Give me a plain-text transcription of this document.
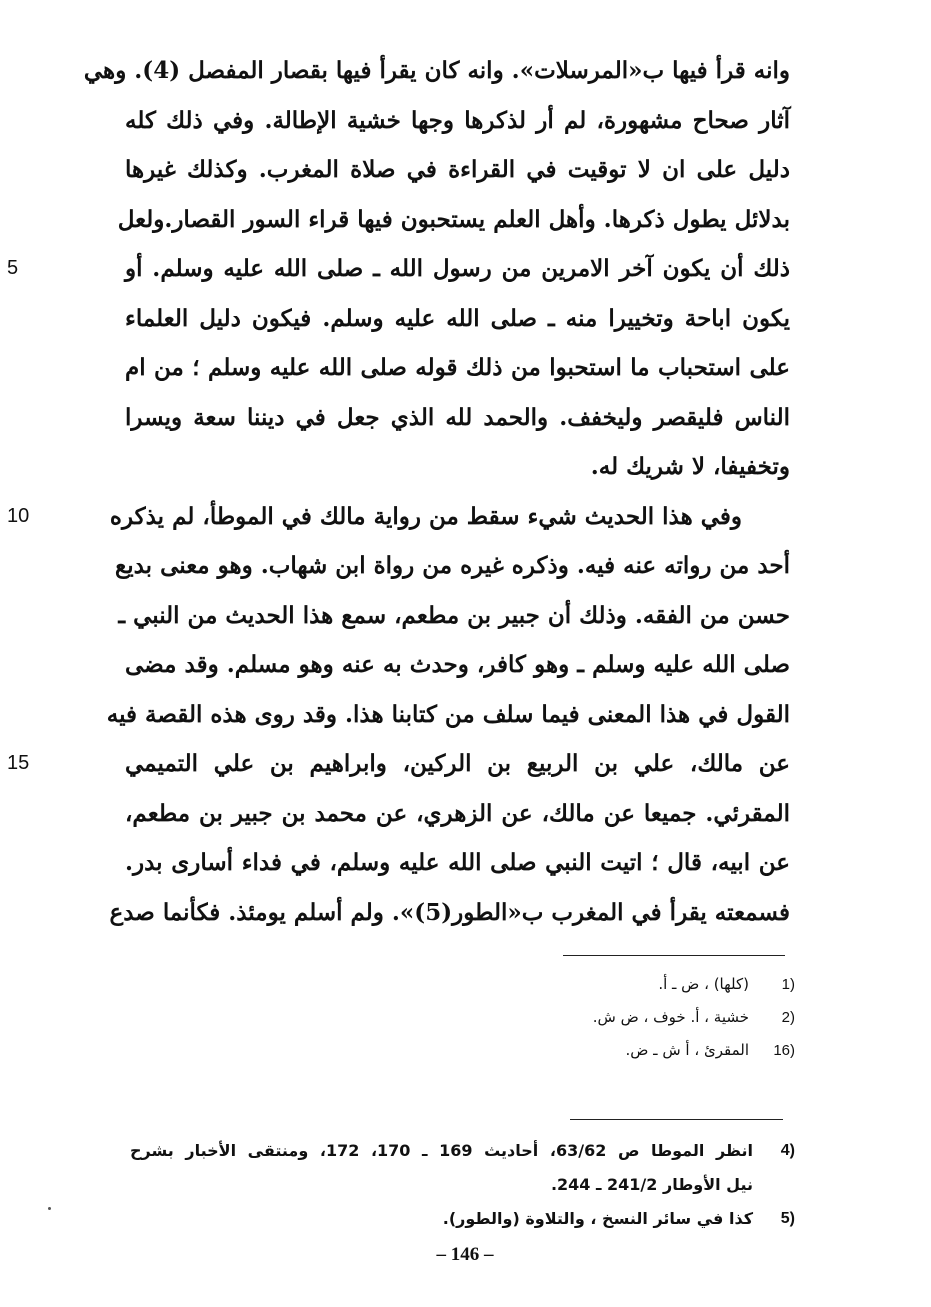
وانه قرأ فيها ب«المرسلات». وانه كان يقرأ فيها بقصار المفصل (4). وهي
آثار صحاح مشهورة، لم أر لذكرها وجها خشية الإطالة. وفي ذلك كله
دليل على ان لا توقيت في القراءة في صلاة المغرب. وكذلك غيرها
بدلائل يطول ذكرها. وأهل العلم يستحبون فيها قراء السور القصار.ولعل
ذلك أن يكون آخر الامرين من رسول الله ـ صلى الله عليه وسلم. أو
5
يكون اباحة وتخييرا منه ـ صلى الله عليه وسلم. فيكون دليل العلماء
على استحباب ما استحبوا من ذلك قوله صلى الله عليه وسلم ؛ من ام
الناس فليقصر وليخفف. والحمد لله الذي جعل في ديننا سعة ويسرا
وتخفيفا، لا شريك له.
وفي هذا الحديث شيء سقط من رواية مالك في الموطأ، لم يذكره
10
أحد من رواته عنه فيه. وذكره غيره من رواة ابن شهاب. وهو معنى بديع
حسن من الفقه. وذلك أن جبير بن مطعم، سمع هذا الحديث من النبي ـ
صلى الله عليه وسلم ـ وهو كافر، وحدث به عنه وهو مسلم. وقد مضى
القول في هذا المعنى فيما سلف من كتابنا هذا. وقد روى هذه القصة فيه
عن مالك، علي بن الربيع بن الركين، وابراهيم بن علي التميمي
15
المقرئي. جميعا عن مالك، عن الزهري، عن محمد بن جبير بن مطعم،
عن ابيه، قال ؛ اتيت النبي صلى الله عليه وسلم، في فداء أسارى بدر.
فسمعته يقرأ في المغرب ب«الطور(5)». ولم أسلم يومئذ. فكأنما صدع
1)
(كلها) ، ض ـ أ.
2)
خشية ، أ. خوف ، ض ش.
16)
المقرئ ، أ ش ـ ض.
4)
انظر الموطا ص 63/62، أحاديث 169 ـ 170، 172، ومنتقى الأخبار بشرح
نيل الأوطار 241/2 ـ 244.
5)
كذا في سائر النسخ ، والتلاوة (والطور).
– 146 –
